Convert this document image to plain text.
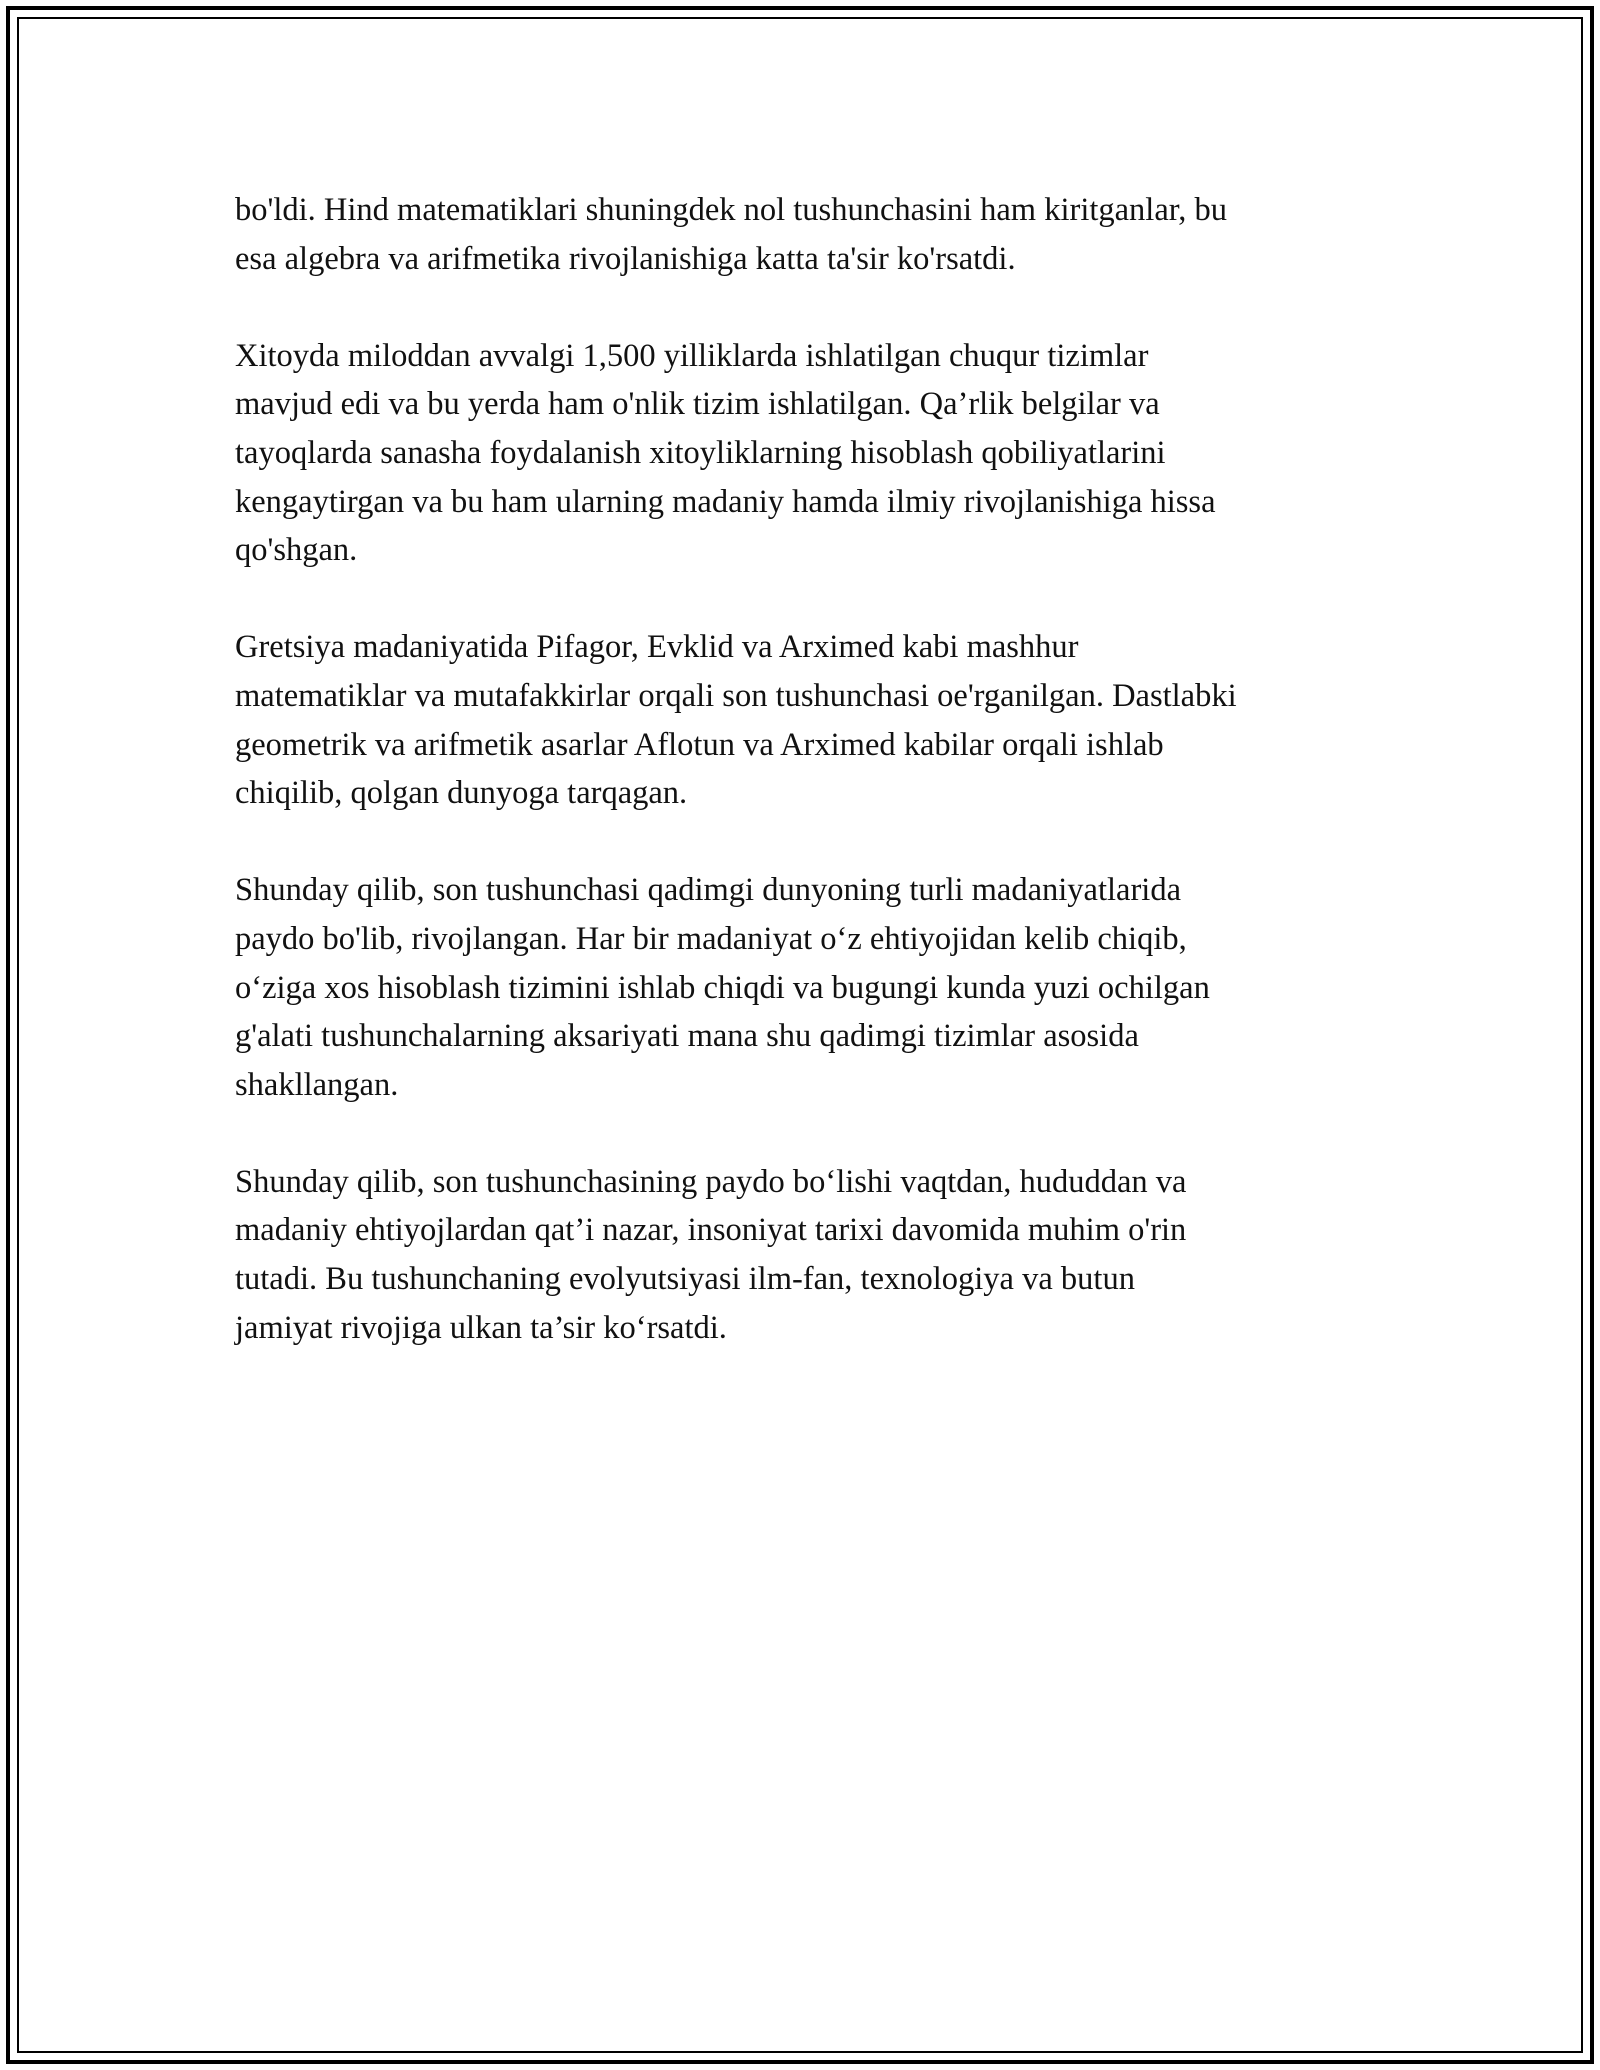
bo'ldi. Hind matematiklari shuningdek nol tushunchasini ham kiritganlar, bu
esa algebra va arifmetika rivojlanishiga katta ta'sir ko'rsatdi.

Xitoyda miloddan avvalgi 1,500 yilliklarda ishlatilgan chuqur tizimlar
mavjud edi va bu yerda ham o'nlik tizim ishlatilgan. Qa’rlik belgilar va
tayoqlarda sanasha foydalanish xitoyliklarning hisoblash qobiliyatlarini
kengaytirgan va bu ham ularning madaniy hamda ilmiy rivojlanishiga hissa
qo'shgan.

Gretsiya madaniyatida Pifagor, Evklid va Arximed kabi mashhur
matematiklar va mutafakkirlar orqali son tushunchasi oe'rganilgan. Dastlabki
geometrik va arifmetik asarlar Aflotun va Arximed kabilar orqali ishlab
chiqilib, qolgan dunyoga tarqagan.

Shunday qilib, son tushunchasi qadimgi dunyoning turli madaniyatlarida
paydo bo'lib, rivojlangan. Har bir madaniyat o‘z ehtiyojidan kelib chiqib,
o‘ziga xos hisoblash tizimini ishlab chiqdi va bugungi kunda yuzi ochilgan
g'alati tushunchalarning aksariyati mana shu qadimgi tizimlar asosida
shakllangan.

Shunday qilib, son tushunchasining paydo bo‘lishi vaqtdan, hududdan va
madaniy ehtiyojlardan qat’i nazar, insoniyat tarixi davomida muhim o'rin
tutadi. Bu tushunchaning evolyutsiyasi ilm-fan, texnologiya va butun
jamiyat rivojiga ulkan ta’sir ko‘rsatdi.
